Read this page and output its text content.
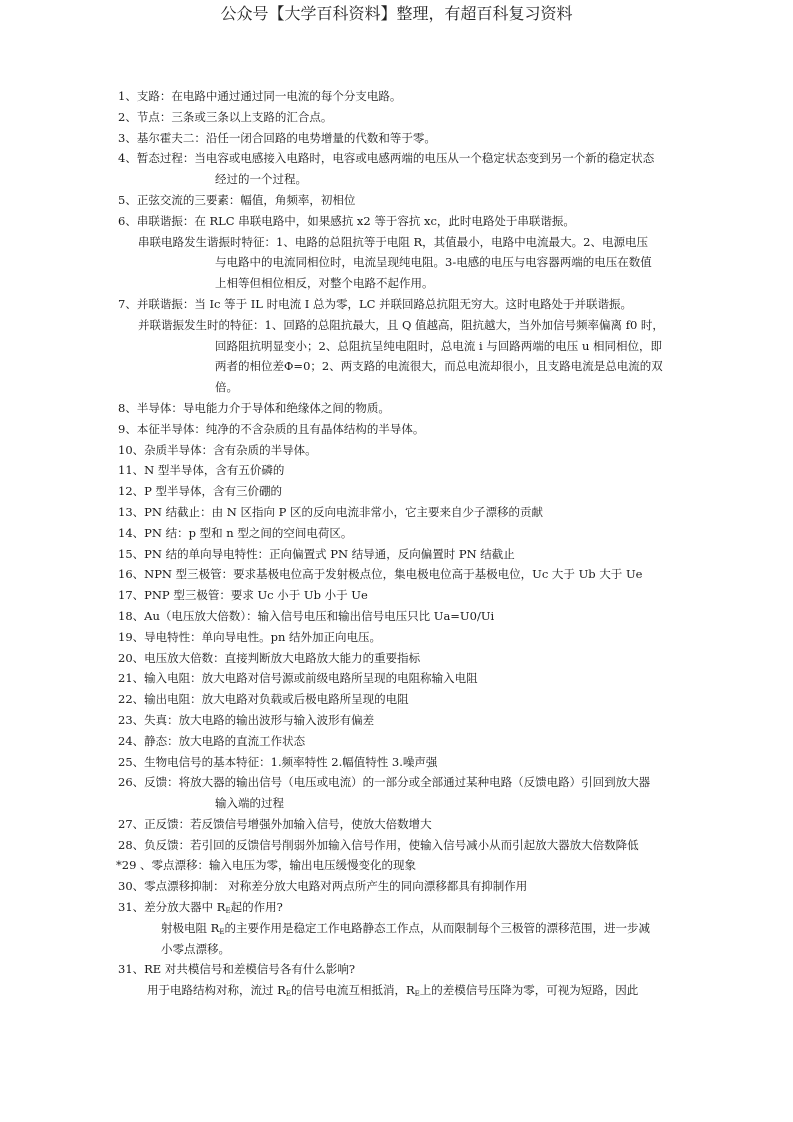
公众号【大学百科资料】整理，有超百科复习资料
1、支路：在电路中通过通过同一电流的每个分支电路。
2、节点：三条或三条以上支路的汇合点。
3、基尔霍夫二：沿任一闭合回路的电势增量的代数和等于零。
4、暂态过程：当电容或电感接入电路时，电容或电感两端的电压从一个稳定状态变到另一个新的稳定状态
经过的一个过程。
5、正弦交流的三要素：幅值，角频率，初相位
6、串联谐振：在 RLC 串联电路中，如果感抗 x2 等于容抗 xc，此时电路处于串联谐振。
串联电路发生谐振时特征：1、电路的总阻抗等于电阻 R，其值最小，电路中电流最大。2、电源电压
与电路中的电流同相位时，电流呈现纯电阻。3-电感的电压与电容器两端的电压在数值
上相等但相位相反，对整个电路不起作用。
7、并联谐振：当 Ic 等于 IL 时电流 I 总为零，LC 并联回路总抗阻无穷大。这时电路处于并联谐振。
并联谐振发生时的特征：1、回路的总阻抗最大，且 Q 值越高，阻抗越大，当外加信号频率偏离 f0 时，
回路阻抗明显变小；2、总阻抗呈纯电阻时，总电流 i 与回路两端的电压 u 相同相位，即
两者的相位差Φ=0；2、两支路的电流很大，而总电流却很小，且支路电流是总电流的双
倍。
8、半导体：导电能力介于导体和绝缘体之间的物质。
9、本征半导体：纯净的不含杂质的且有晶体结构的半导体。
10、杂质半导体：含有杂质的半导体。
11、N 型半导体，含有五价磷的
12、P 型半导体，含有三价硼的
13、PN 结截止：由 N 区指向 P 区的反向电流非常小，它主要来自少子漂移的贡献
14、PN 结：p 型和 n 型之间的空间电荷区。
15、PN 结的单向导电特性：正向偏置式 PN 结导通，反向偏置时 PN 结截止
16、NPN 型三极管：要求基极电位高于发射极点位，集电极电位高于基极电位，Uc 大于 Ub 大于 Ue
17、PNP 型三极管：要求 Uc 小于 Ub 小于 Ue
18、Au（电压放大倍数）：输入信号电压和输出信号电压只比 Ua=U0/Ui
19、导电特性：单向导电性。pn 结外加正向电压。
20、电压放大倍数：直接判断放大电路放大能力的重要指标
21、输入电阻：放大电路对信号源或前级电路所呈现的电阻称输入电阻
22、输出电阻：放大电路对负载或后极电路所呈现的电阻
23、失真：放大电路的输出波形与输入波形有偏差
24、静态：放大电路的直流工作状态
25、生物电信号的基本特征：1.频率特性 2.幅值特性 3.噪声强
26、反馈：将放大器的输出信号（电压或电流）的一部分或全部通过某种电路（反馈电路）引回到放大器
输入端的过程
27、正反馈：若反馈信号增强外加输入信号，使放大倍数增大
28、负反馈：若引回的反馈信号削弱外加输入信号作用，使输入信号减小从而引起放大器放大倍数降低
*29 、零点漂移：输入电压为零，输出电压缓慢变化的现象
30、零点漂移抑制： 对称差分放大电路对两点所产生的同向漂移都具有抑制作用
31、差分放大器中 $R_E$起的作用?
射极电阻 $R_E$的主要作用是稳定工作电路静态工作点，从而限制每个三极管的漂移范围，进一步减
小零点漂移。
31、RE 对共模信号和差模信号各有什么影响?
用于电路结构对称，流过 $R_E$的信号电流互相抵消，$R_E$上的差模信号压降为零，可视为短路，因此
